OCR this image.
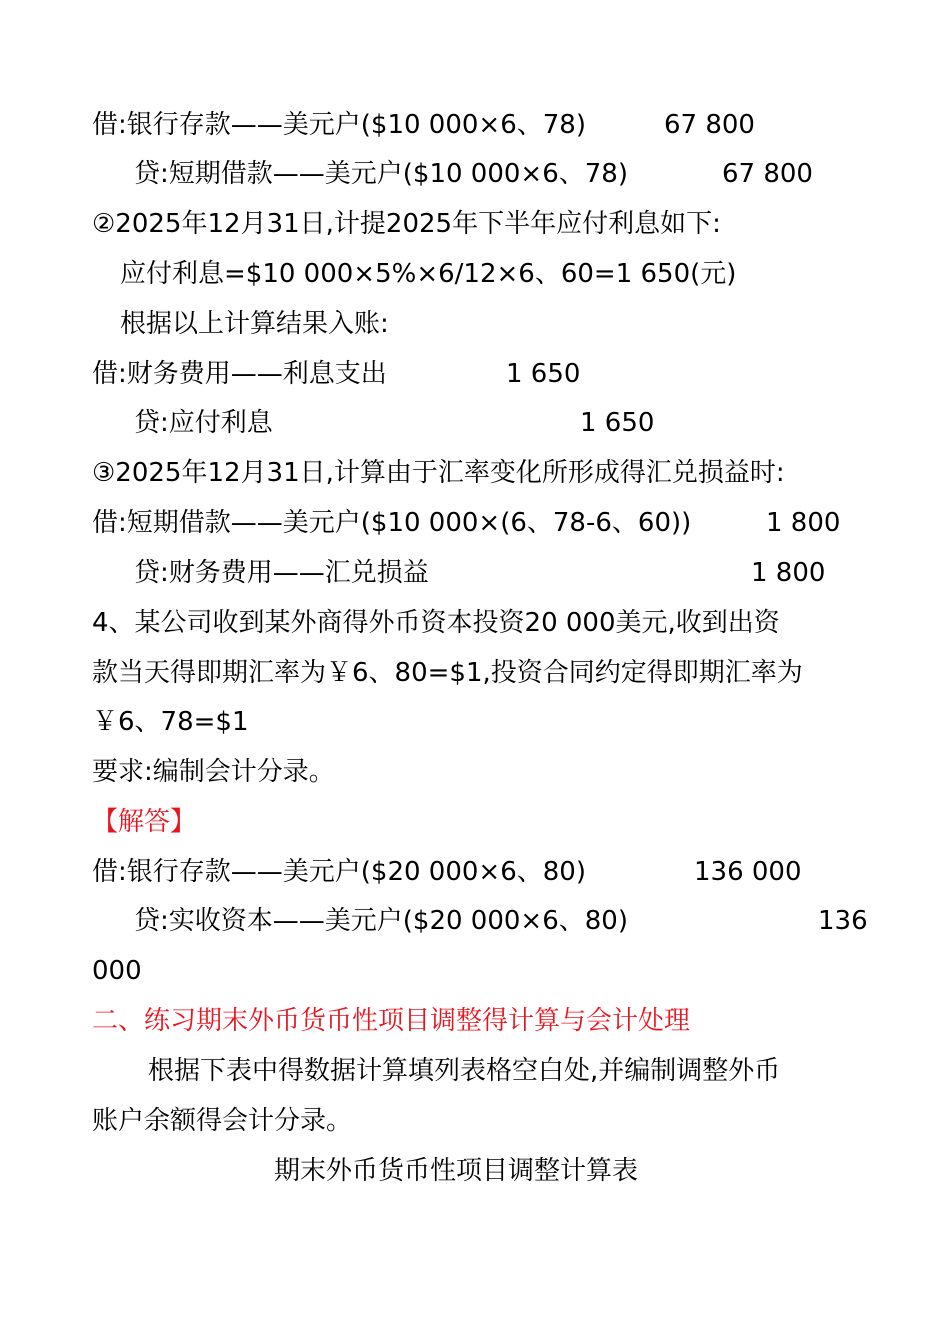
借:银行存款——美元户($10 000×6、78)	67 800
贷:短期借款——美元户($10 000×6、78)	67 800
②2025年12月31日,计提2025年下半年应付利息如下:
应付利息=$10 000×5%×6/12×6、60=1 650(元)
根据以上计算结果入账:
借:财务费用——利息支出	1 650
贷:应付利息	1 650
③2025年12月31日,计算由于汇率变化所形成得汇兑损益时:
借:短期借款——美元户($10 000×(6、78-6、60))	1 800
贷:财务费用——汇兑损益	1 800
4、某公司收到某外商得外币资本投资20 000美元,收到出资
款当天得即期汇率为￥6、80=$1,投资合同约定得即期汇率为
￥6、78=$1
要求:编制会计分录。
【解答】
借:银行存款——美元户($20 000×6、80)	136 000
贷:实收资本——美元户($20 000×6、80)	136
000
二、练习期末外币货币性项目调整得计算与会计处理
根据下表中得数据计算填列表格空白处,并编制调整外币
账户余额得会计分录。
期末外币货币性项目调整计算表
